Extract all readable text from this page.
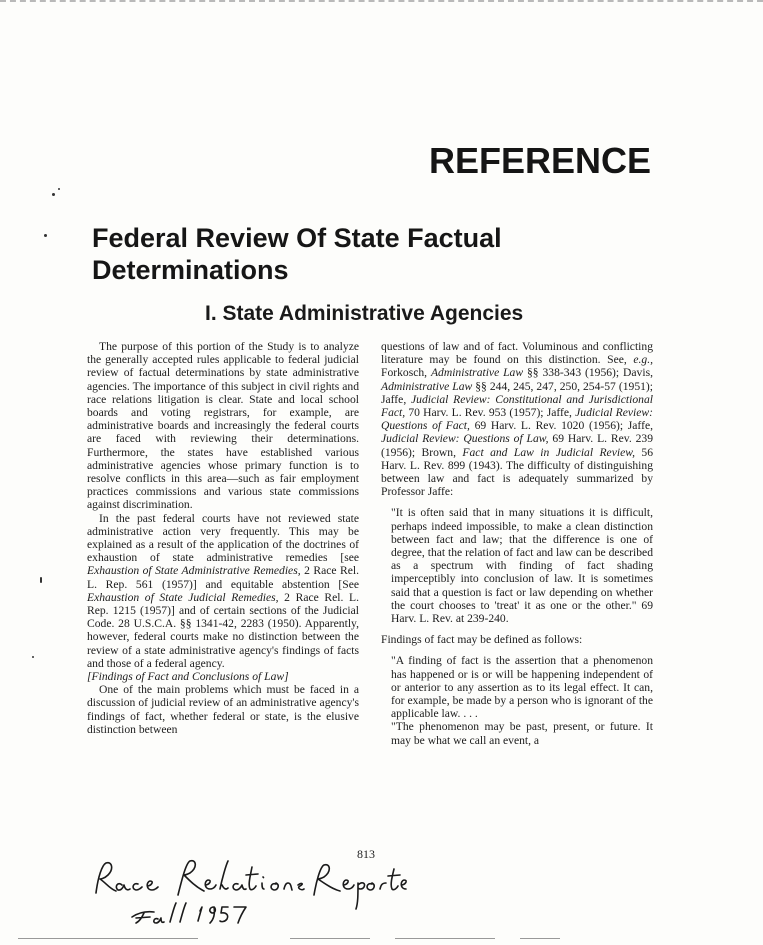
REFERENCE
Federal Review Of State Factual Determinations
I. State Administrative Agencies

The purpose of this portion of the Study is to analyze the generally accepted rules applicable to federal judicial review of factual determinations by state administrative agencies. The importance of this subject in civil rights and race relations litigation is clear. State and local school boards and voting registrars, for example, are administrative boards and increasingly the federal courts are faced with reviewing their determinations. Furthermore, the states have established various administrative agencies whose primary function is to resolve conflicts in this area—such as fair employment practices commissions and various state commissions against discrimination.

In the past federal courts have not reviewed state administrative action very frequently. This may be explained as a result of the application of the doctrines of exhaustion of state administrative remedies [see Exhaustion of State Administrative Remedies, 2 Race Rel. L. Rep. 561 (1957)] and equitable abstention [See Exhaustion of State Judicial Remedies, 2 Race Rel. L. Rep. 1215 (1957)] and of certain sections of the Judicial Code. 28 U.S.C.A. §§ 1341-42, 2283 (1950). Apparently, however, federal courts make no distinction between the review of a state administrative agency's findings of facts and those of a federal agency.

[Findings of Fact and Conclusions of Law]

One of the main problems which must be faced in a discussion of judicial review of an administrative agency's findings of fact, whether federal or state, is the elusive distinction between

questions of law and of fact. Voluminous and conflicting literature may be found on this distinction. See, e.g., Forkosch, Administrative Law §§ 338-343 (1956); Davis, Administrative Law §§ 244, 245, 247, 250, 254-57 (1951); Jaffe, Judicial Review: Constitutional and Jurisdictional Fact, 70 Harv. L. Rev. 953 (1957); Jaffe, Judicial Review: Questions of Fact, 69 Harv. L. Rev. 1020 (1956); Jaffe, Judicial Review: Questions of Law, 69 Harv. L. Rev. 239 (1956); Brown, Fact and Law in Judicial Review, 56 Harv. L. Rev. 899 (1943). The difficulty of distinguishing between law and fact is adequately summarized by Professor Jaffe:

"It is often said that in many situations it is difficult, perhaps indeed impossible, to make a clean distinction between fact and law; that the difference is one of degree, that the relation of fact and law can be described as a spectrum with finding of fact shading imperceptibly into conclusion of law. It is sometimes said that a question is fact or law depending on whether the court chooses to 'treat' it as one or the other." 69 Harv. L. Rev. at 239-240.

Findings of fact may be defined as follows:

"A finding of fact is the assertion that a phenomenon has happened or is or will be happening independent of or anterior to any assertion as to its legal effect. It can, for example, be made by a person who is ignorant of the applicable law. . . .

"The phenomenon may be past, present, or future. It may be what we call an event, a

813
